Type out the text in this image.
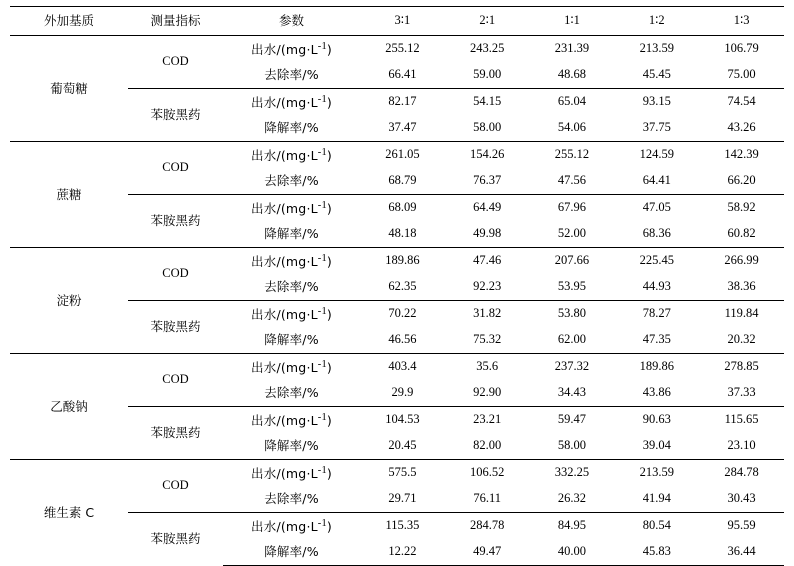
外加基质	测量指标	参数	3∶1	2∶1	1∶1	1∶2	1∶3
葡萄糖	COD	出水$/(mg\cdot L^{-1})$	255.12	243.25	231.39	213.59	106.79
		去除率/%	66.41	59.00	48.68	45.45	75.00
	苯胺黑药	出水$/(mg\cdot L^{-1})$	82.17	54.15	65.04	93.15	74.54
		降解率/%	37.47	58.00	54.06	37.75	43.26
蔗糖	COD	出水$/(mg\cdot L^{-1})$	261.05	154.26	255.12	124.59	142.39
		去除率/%	68.79	76.37	47.56	64.41	66.20
	苯胺黑药	出水$/(mg\cdot L^{-1})$	68.09	64.49	67.96	47.05	58.92
		降解率/%	48.18	49.98	52.00	68.36	60.82
淀粉	COD	出水$/(mg\cdot L^{-1})$	189.86	47.46	207.66	225.45	266.99
		去除率/%	62.35	92.23	53.95	44.93	38.36
	苯胺黑药	出水$/(mg\cdot L^{-1})$	70.22	31.82	53.80	78.27	119.84
		降解率/%	46.56	75.32	62.00	47.35	20.32
乙酸钠	COD	出水$/(mg\cdot L^{-1})$	403.4	35.6	237.32	189.86	278.85
		去除率/%	29.9	92.90	34.43	43.86	37.33
	苯胺黑药	出水$/(mg\cdot L^{-1})$	104.53	23.21	59.47	90.63	115.65
		降解率/%	20.45	82.00	58.00	39.04	23.10
维生素 C	COD	出水$/(mg\cdot L^{-1})$	575.5	106.52	332.25	213.59	284.78
		去除率/%	29.71	76.11	26.32	41.94	30.43
	苯胺黑药	出水$/(mg\cdot L^{-1})$	115.35	284.78	84.95	80.54	95.59
		降解率/%	12.22	49.47	40.00	45.83	36.44
